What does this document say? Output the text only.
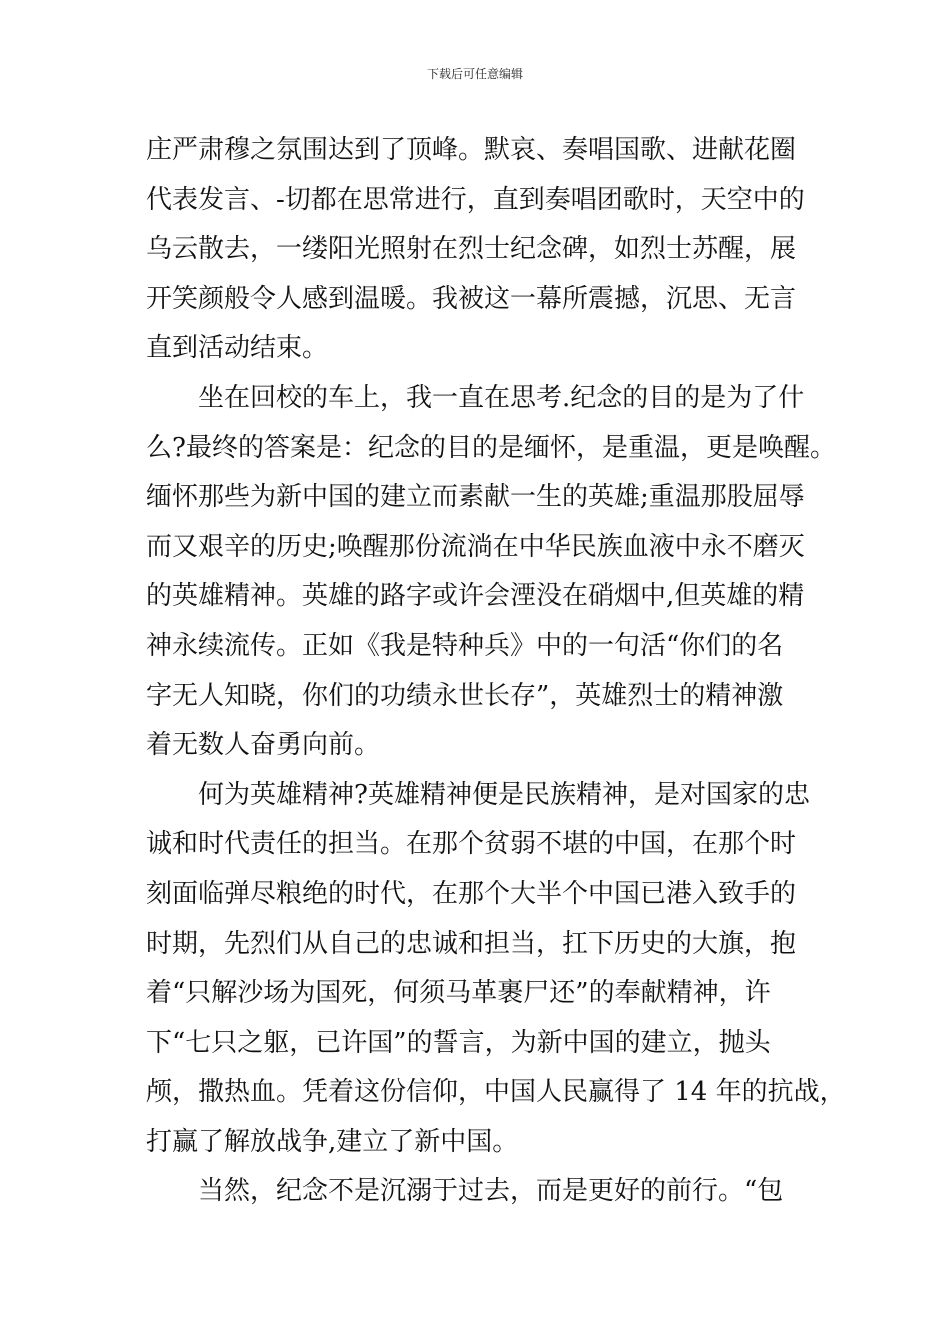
下载后可任意编辑
庄严肃穆之氛围达到了顶峰。默哀、奏唱国歌、进献花圈
代表发言、-切都在思常进行，直到奏唱团歌时，天空中的
乌云散去，一缕阳光照射在烈士纪念碑，如烈士苏醒，展
开笑颜般令人感到温暖。我被这一幕所震撼，沉思、无言
直到活动结束。
　　坐在回校的车上，我一直在思考.纪念的目的是为了什
么?最终的答案是：纪念的目的是缅怀，是重温，更是唤醒。
缅怀那些为新中国的建立而素献一生的英雄;重温那股屈辱
而又艰辛的历史;唤醒那份流淌在中华民族血液中永不磨灭
的英雄精神。英雄的路字或许会湮没在硝烟中,但英雄的精
神永续流传。正如《我是特种兵》中的一句活“你们的名
字无人知晓，你们的功绩永世长存”，英雄烈士的精神激
着无数人奋勇向前。
　　何为英雄精神?英雄精神便是民族精神，是对国家的忠
诚和时代责任的担当。在那个贫弱不堪的中国，在那个时
刻面临弹尽粮绝的时代，在那个大半个中国已港入致手的
时期，先烈们从自己的忠诚和担当，扛下历史的大旗，抱
着“只解沙场为国死，何须马革裹尸还”的奉献精神，许
下“七只之躯，已许国”的誓言，为新中国的建立，抛头
颅，撒热血。凭着这份信仰，中国人民赢得了 14 年的抗战，
打赢了解放战争,建立了新中国。
　　当然，纪念不是沉溺于过去，而是更好的前行。“包
